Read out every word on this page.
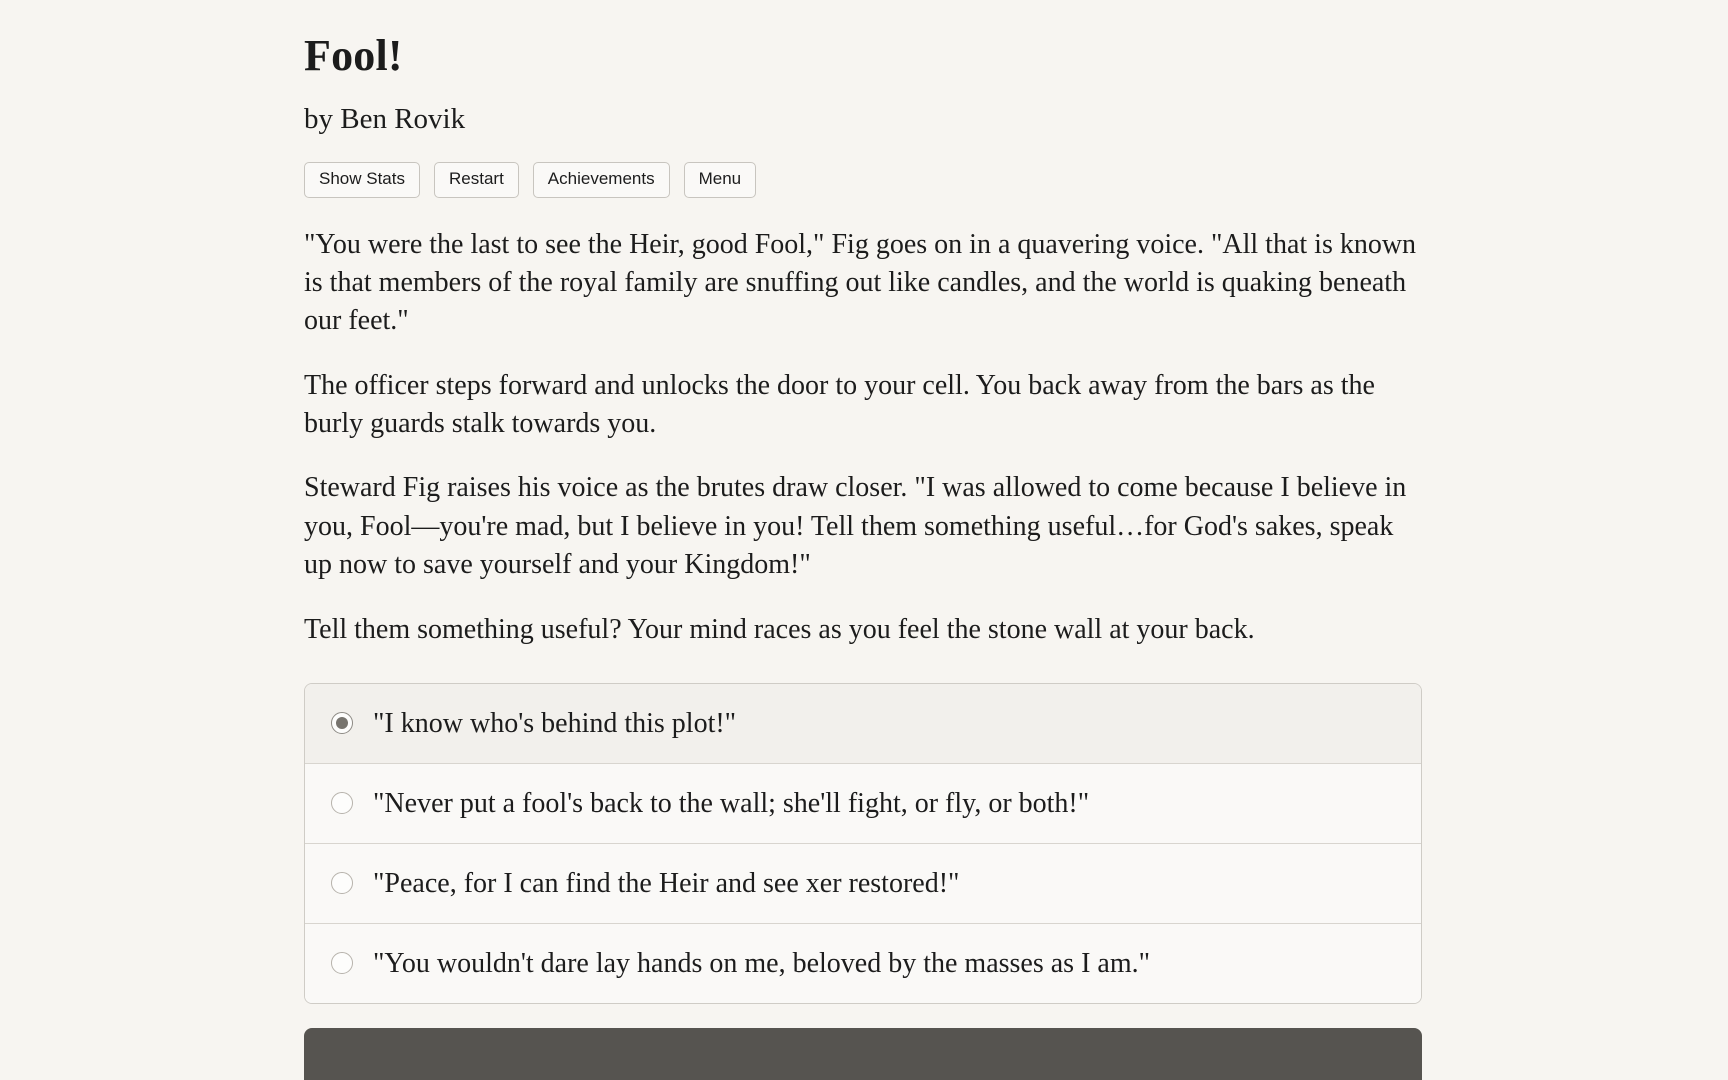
Fool!
by Ben Rovik
Show Stats	Restart	Achievements	Menu

"You were the last to see the Heir, good Fool," Fig goes on in a quavering voice. "All that is known is that members of the royal family are snuffing out like candles, and the world is quaking beneath our feet."

The officer steps forward and unlocks the door to your cell. You back away from the bars as the burly guards stalk towards you.

Steward Fig raises his voice as the brutes draw closer. "I was allowed to come because I believe in you, Fool—you're mad, but I believe in you! Tell them something useful…for God's sakes, speak up now to save yourself and your Kingdom!"

Tell them something useful? Your mind races as you feel the stone wall at your back.

"I know who's behind this plot!"
"Never put a fool's back to the wall; she'll fight, or fly, or both!"
"Peace, for I can find the Heir and see xer restored!"
"You wouldn't dare lay hands on me, beloved by the masses as I am."
